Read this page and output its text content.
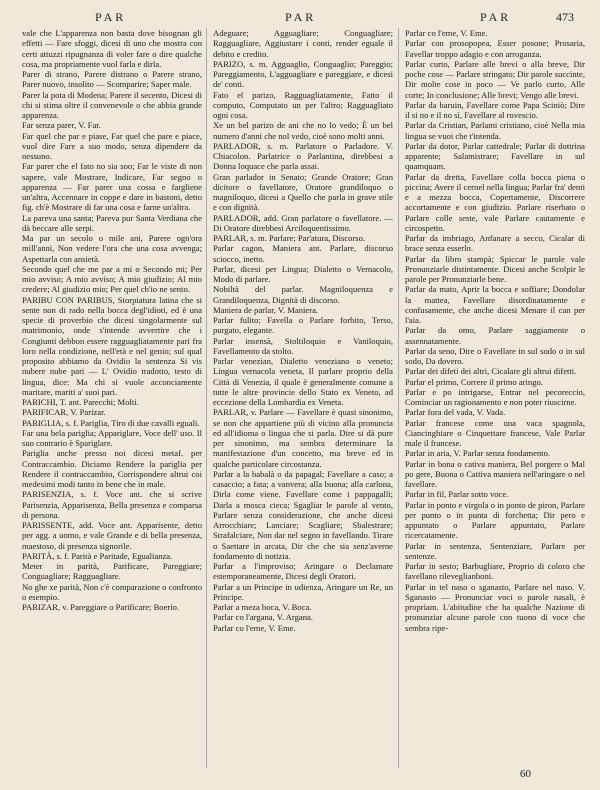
PAR	PAR	PAR	473

vale che L'apparenza non basta dove bisognan gli effetti — Fare sfoggi, dicesi di uno che mostra con certi attuzzi ripugnanza di voler fare o dire qualche cosa, ma propriamente vuol farla e dirla.

Parer di strano, Parere distrano o Parere strano, Parer nuovo, insolito — Scomparire; Saper male.

Parer la pota di Modena; Parere il secento, Dicesi di chi si stima oltre il convenevole o che abbia grande apparenza.

Far senza parer, V. Far.

Far quel che par e piase, Far quel che pare e piace, vuol dire Fare a suo modo, senza dipendere da nessuno.

Far parer che el fato no sia soo; Far le viste di non sapere, vale Mostrare, Indicare, Far segno o apparenza — Far parer una cossa e fargliene un'altra, Accennare in coppe e dare in bastoni, detto fig. ch'è Mostrare di far una cosa e farne un'altra.

La pareva una santa; Pareva pur Santa Verdiana che dà beccare alle serpi.

Ma par un secolo o mile ani, Parere ogn'ora mill'anni, Non vedere l'ora che una cosa avvenga; Aspettarla con ansietà.

Secondo quel che me par a mi o Secondo mi; Per mio avviso; A mio avviso; A mio giudizio; Al mio credere; Al giudizio mio; Per quel ch'io ne sento.

PARIBU CON PARIBUS, Storpiatura latina che si sente non di rado nella bocca degl'idioti, ed è una specie di proverbio che dicesi singolarmente sul matrimonio, onde s'intende avvertire che i Congiunti debbon essere ragguagliatamente pari fra loro nella condizione, nell'età e nel genio; sul qual proposito abbiamo da Ovidio la sentenza Si vis nubere nube pari — L' Ovidio tradotto, testo di lingua, dice: Ma chi si vuole acconciamente maritare, mariti a' suoi pari.

PARICHI, T. ant. Parecchi; Molti.

PARIFICAR, V. Parizar.

PARIGLIA, s. f. Pariglia, Tiro di due cavalli eguali.

Far una bela pariglia; Appariglare, Voce dell' uso. Il suo contrario è Spariglare.

Pariglia anche presso noi dicesi metaf. per Contraccambio. Diciamo Rendere la pariglia per Rendere il contraccambio, Corrispondere altrui coi medesimi modi tanto in bene che in male.

PARISENZIA, s. f. Voce ant. che si scrive Parisenzia, Apparisenza, Bella presenza e comparsa di persona.

PARISSENTE, add. Voce ant. Apparisente, detto per agg. a uomo, e vale Grande e di bella presenza, maestoso, di presenza signorile.

PARITÀ, s. f. Parità e Paritade, Egualianza.

Meter in parità, Parificare, Pareggiare; Conguagliare; Ragguagliare.

No ghe xe parità, Non c'è comparazione o confronto o esempio.

PARIZAR, v. Pareggiare o Parificare; Boerio.

Adeguare; Agguagliare; Conguagliare; Ragguagliare, Aggiustare i conti, render eguale il debito e credito.

PARIZO, s. m. Agguaglio, Conguaglio; Pareggio; Pareggiamento, L'agguagliare e pareggiare, e dicesi de' conti.

Fato el parizo, Ragguagliatamente, Fatto il computo, Computato un per l'altro; Ragguagliato ogni cosa.

Xe un bel parizo de ani che no lo vedo; È un bel numero d'anni che nol vedo, cioè sono molti anni.

PARLADOR, s. m. Parlatore o Parladore. V. Chiacolon. Parlatrice o Parlantina, direbbesi a Donna loquace che parla assai.

Gran parlador in Senato; Grande Oratore; Gran dicitore o favellatore, Oratore grandiloquo o magniloquo, dicesi a Quello che parla in grave stile e con dignità.

PARLADOR, add. Gran parlatore o favellatore. — Di Oratore direbbesi Arciloquentissimo.

PARLAR, s. m. Parlare; Par'atura, Discorso.

Parlar cagon, Maniera ant. Parlare, discorso sciocco, inetto.

Parlar, dicesi per Lingua; Dialetto o Vernacolo, Modo di parlare.

Nobiltà del parlar. Magniloquenza e Grandiloquenza, Dignità di discorso.

Maniera de parlar, V. Maniera.

Parlar fulito; Favella o Parlare forbito, Terso, purgato, elegante.

Parlar insensà, Stoltiloquio e Vaniloquio, Favellamento da stolto.

Parlar venezian, Dialetto veneziano o veneto; Lingua vernacola veneta, Il parlare proprio della Città di Venezia, il quale è generalmente comune a tutte le altre provincie dello Stato ex Veneto, ad eccezione della Lombardia ex Veneta.

PARLAR, v. Parlare — Favellare è quasi sinonimo, se non che appartiene più di vicino alla pronuncia ed all'idioma o lingua che si parla. Dire si dà pure per sinonimo, ma sembra determinare la manifestazione d'un concetto, ma breve ed in qualche particolare circostanza.

Parlar a la babalà o da papagal; Favellare a caso; a casaccio; a fata; a vanvera; alla buona; alla carlona, Dirla come viene. Favellare come i pappagalli; Darla a mosca cieca; Sgagliar le parole al vento, Parlare senza considerazione, che anche dicesi Arrocchiare; Lanciare; Scagliare; Sbalestrare; Strafalciare, Non dar nel segno in favellando. Tirare o Saettare in arcata, Dir che che sia senz'averne fondamento di notizia.

Parlar a l'improviso; Aringare o Declamare estemporaneamente, Dicesi degli Oratori.

Parlar a un Principe in udienza, Aringare un Re, un Principe.

Parlar a meza boca, V. Boca.

Parlar co l'argana, V. Argana.

Parlar co l'eme, V. Eme.

Parlar co l'eme, V. Eme.

Parlar con prosopopea, Esser posone; Prosaria, Favellar troppo adagio e con arroganza.

Parlar curto, Parlare alle brevi o alla breve, Dir poche cose — Parlare stringato; Dir parole succinte, Dir molte cose in poco — Ve parlo curto, Alle corte; In conclusione; Alle brevi; Vengo alle brevi.

Parlar da baruin, Favellare come Papa Sciniò; Dire il si no e il no sì, Favellare al rovescio.

Parlar da Cristian, Parlami cristiano, cioè Nella mia lingua se vuoi che t'intenda.

Parlar da dotor, Parlar cattedrale; Parlar di dottrina apparente; Salamistrare; Favellare in sul quamquam.

Parlar da dretta, Favellare colla bocca piena o piccina; Avere il cernel nella lingua; Parlar fra' denti e a mezza bocca, Copertamente, Discorrere accortamente e con giudizio. Parlare riserbato o Parlare colle seste, vale Parlare cautamente e circospetto.

Parlar da imbriago, Anfanare a secco, Cicalar di brace senza esserlo.

Parlar da libro stampà; Spiccar le parole vale Pronunziarle distintamente. Dicesi anche Scolpir le parole per Pronunziarle bene.

Parlar da mato, Aprir la bocca e soffiare; Dondolar la mattea, Favellare disordinatamente e confusamente, che anche dicesi Menare il can per l'aia.

Parlar da omo, Parlare saggiamente o assennatamente.

Parlar da seno, Dire o Favellare in sul sodo o in sul sodo, Da dovero.

Parlar dei difeti dei altri, Cicalare gli altrui difetti.

Parlar el primo, Correre il primo aringo.

Parlar e po intrigarse, Entrar nel pecoreccio, Cominciar un ragionamento e non poter riuscirne.

Parlar fora del vada, V. Vada.

Parlar francese come una vaca spagnola, Ciancinghiare o Cinquettare francese, Vale Parlar male il francese.

Parlar in aria, V. Parlar senza fondamento.

Parlar in bona o cativa maniera, Bel porgere o Mal po gere, Buona o Cattiva maniera nell'aringare o nel favellare.

Parlar in fil, Parlar sotto voce.

Parlar in ponto e virgola o in ponto de piron, Parlare per punto o in punta di forchetta; Dir pero e appuntato o Parlare appuntato, Parlare ricercatamente.

Parlar in sentenza, Sentenziare, Parlare per sentenze.

Parlar in sesto; Barbugliare, Proprio di coloro che favellano rileveglianboni.

Parlar in tel naso o sganasto, Parlare nel naso. V. Sganasto — Pronunciar voci o parole nasali, è propriam. L'abitudine che ha qualche Nazione di pronunziar alcune parole con tuono di voce che sembra ripe-

60
